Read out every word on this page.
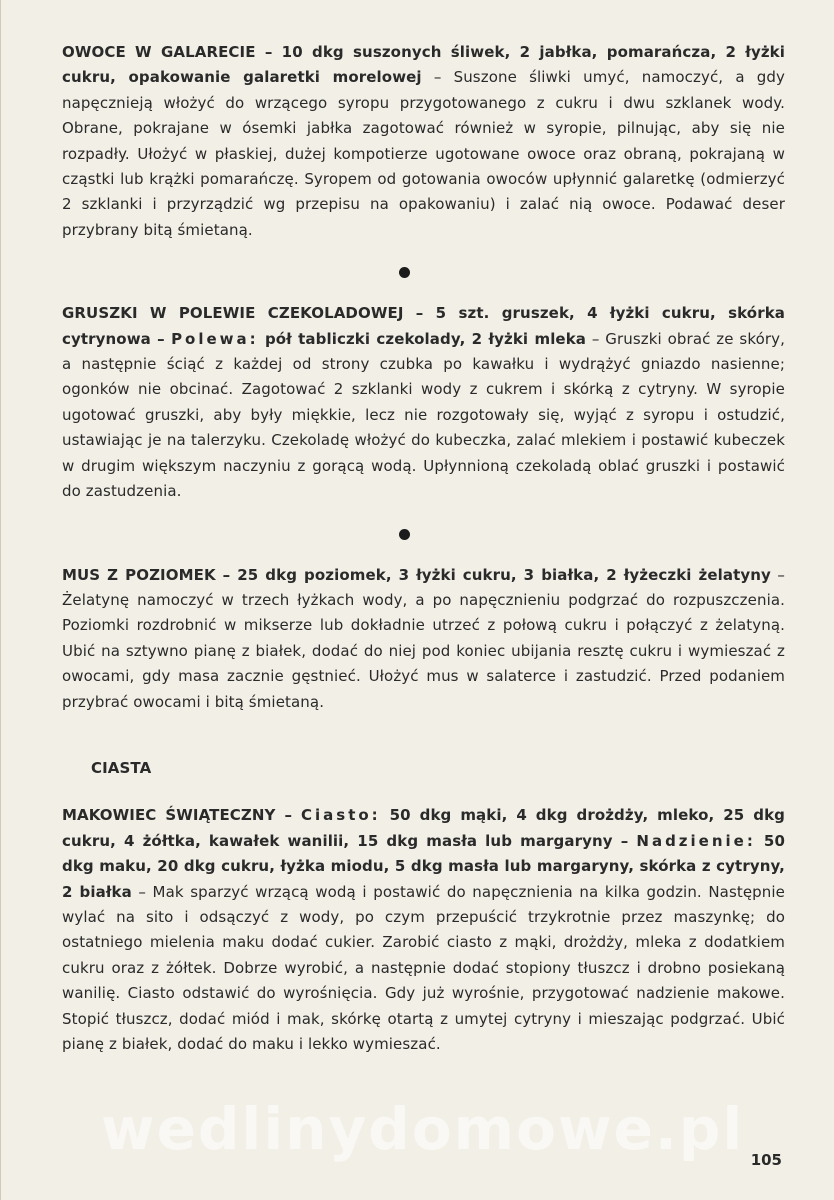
OWOCE W GALARECIE – 10 dkg suszonych śliwek, 2 jabłka, pomarańcza, 2 łyżki cukru, opakowanie galaretki morelowej – Suszone śliwki umyć, namoczyć, a gdy napęcznieją włożyć do wrzącego syropu przygotowanego z cukru i dwu szklanek wody. Obrane, pokrajane w ósemki jabłka zagotować również w syropie, pilnując, aby się nie rozpadły. Ułożyć w płaskiej, dużej kompotierze ugotowane owoce oraz obraną, pokrajaną w cząstki lub krążki pomarańczę. Syropem od gotowania owoców upłynnić galaretkę (odmierzyć 2 szklanki i przyrządzić wg przepisu na opakowaniu) i zalać nią owoce. Podawać deser przybrany bitą śmietaną.

GRUSZKI W POLEWIE CZEKOLADOWEJ – 5 szt. gruszek, 4 łyżki cukru, skórka cytrynowa – Polewa: pół tabliczki czekolady, 2 łyżki mleka – Gruszki obrać ze skóry, a następnie ściąć z każdej od strony czubka po kawałku i wydrążyć gniazdo nasienne; ogonków nie obcinać. Zagotować 2 szklanki wody z cukrem i skórką z cytryny. W syropie ugotować gruszki, aby były miękkie, lecz nie rozgotowały się, wyjąć z syropu i ostudzić, ustawiając je na talerzyku. Czekoladę włożyć do kubeczka, zalać mlekiem i postawić kubeczek w drugim większym naczyniu z gorącą wodą. Upłynnioną czekoladą oblać gruszki i postawić do zastudzenia.

MUS Z POZIOMEK – 25 dkg poziomek, 3 łyżki cukru, 3 białka, 2 łyżeczki żelatyny – Żelatynę namoczyć w trzech łyżkach wody, a po napęcznieniu podgrzać do rozpuszczenia. Poziomki rozdrobnić w mikserze lub dokładnie utrzeć z połową cukru i połączyć z żelatyną. Ubić na sztywno pianę z białek, dodać do niej pod koniec ubijania resztę cukru i wymieszać z owocami, gdy masa zacznie gęstnieć. Ułożyć mus w salaterce i zastudzić. Przed podaniem przybrać owocami i bitą śmietaną.

CIASTA

MAKOWIEC ŚWIĄTECZNY – Ciasto: 50 dkg mąki, 4 dkg drożdży, mleko, 25 dkg cukru, 4 żółtka, kawałek wanilii, 15 dkg masła lub margaryny – Nadzienie: 50 dkg maku, 20 dkg cukru, łyżka miodu, 5 dkg masła lub margaryny, skórka z cytryny, 2 białka – Mak sparzyć wrzącą wodą i postawić do napęcznienia na kilka godzin. Następnie wylać na sito i odsączyć z wody, po czym przepuścić trzykrotnie przez maszynkę; do ostatniego mielenia maku dodać cukier. Zarobić ciasto z mąki, drożdży, mleka z dodatkiem cukru oraz z żółtek. Dobrze wyrobić, a następnie dodać stopiony tłuszcz i drobno posiekaną wanilię. Ciasto odstawić do wyrośnięcia. Gdy już wyrośnie, przygotować nadzienie makowe. Stopić tłuszcz, dodać miód i mak, skórkę otartą z umytej cytryny i mieszając podgrzać. Ubić pianę z białek, dodać do maku i lekko wymieszać.

wedlinydomowe.pl 105
